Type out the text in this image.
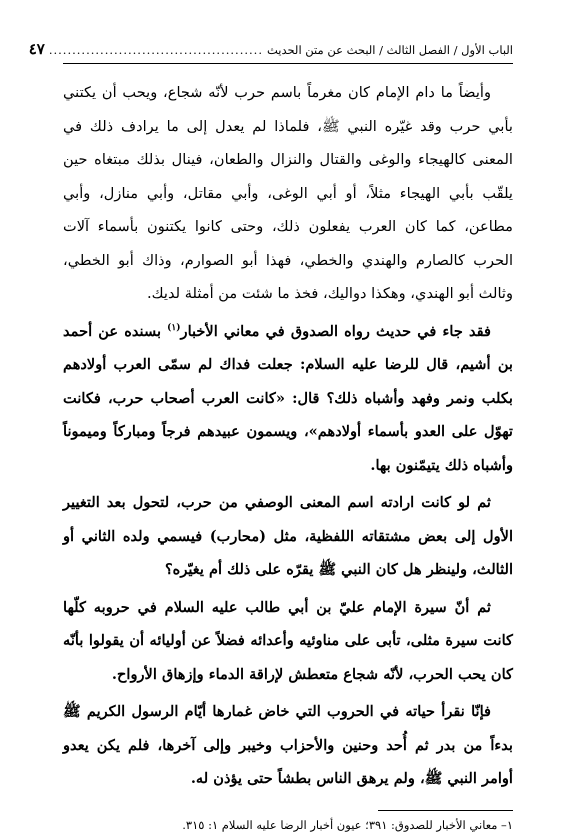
الباب الأول / الفصل الثالث / البحث عن متن الحديث
..............................................
٤٧

وأيضاً ما دام الإمام كان مغرماً باسم حرب لأنّه شجاع، ويحب أن يكتني بأبي حرب وقد غيّره النبي ﷺ، فلماذا لم يعدل إلى ما يرادف ذلك في المعنى كالهيجاء والوغى والقتال والنزال والطعان، فينال بذلك مبتغاه حين يلقّب بأبي الهيجاء مثلاً، أو أبي الوغى، وأبي مقاتل، وأبي منازل، وأبي مطاعن، كما كان العرب يفعلون ذلك، وحتى كانوا يكتنون بأسماء آلات الحرب كالصارم والهندي والخطي، فهذا أبو الصوارم، وذاك أبو الخطي، وثالث أبو الهندي، وهكذا دواليك، فخذ ما شئت من أمثلة لديك.

فقد جاء في حديث رواه الصدوق في معاني الأخبار$^{(١)}$ بسنده عن أحمد بن أشيم، قال للرضا عليه السلام: جعلت فداك لم سمّى العرب أولادهم بكلب ونمر وفهد وأشباه ذلك؟ قال: «كانت العرب أصحاب حرب، فكانت تهوّل على العدو بأسماء أولادهم»، ويسمون عبيدهم فرجاً ومباركاً وميموناً وأشباه ذلك يتيمّنون بها.

ثم لو كانت ارادته اسم المعنى الوصفي من حرب، لتحول بعد التغيير الأول إلى بعض مشتقاته اللفظية، مثل (محارب) فيسمي ولده الثاني أو الثالث، ولينظر هل كان النبي ﷺ يقرّه على ذلك أم يغيّره؟

ثم أنّ سيرة الإمام عليّ بن أبي طالب عليه السلام في حروبه كلّها كانت سيرة مثلى، تأبى على مناوئيه وأعدائه فضلاً عن أوليائه أن يقولوا بأنّه كان يحب الحرب، لأنّه شجاع متعطش لإراقة الدماء وإزهاق الأرواح.

فإنّا نقرأ حياته في الحروب التي خاض غمارها أيّام الرسول الكريم ﷺ بدءاً من بدر ثم أُحد وحنين والأحزاب وخيبر وإلى آخرها، فلم يكن يعدو أوامر النبي ﷺ، ولم يرهق الناس بطشاً حتى يؤذن له.

١– معاني الأخبار للصدوق: ٣٩١؛ عيون أخبار الرضا عليه السلام ١: ٣١٥.
